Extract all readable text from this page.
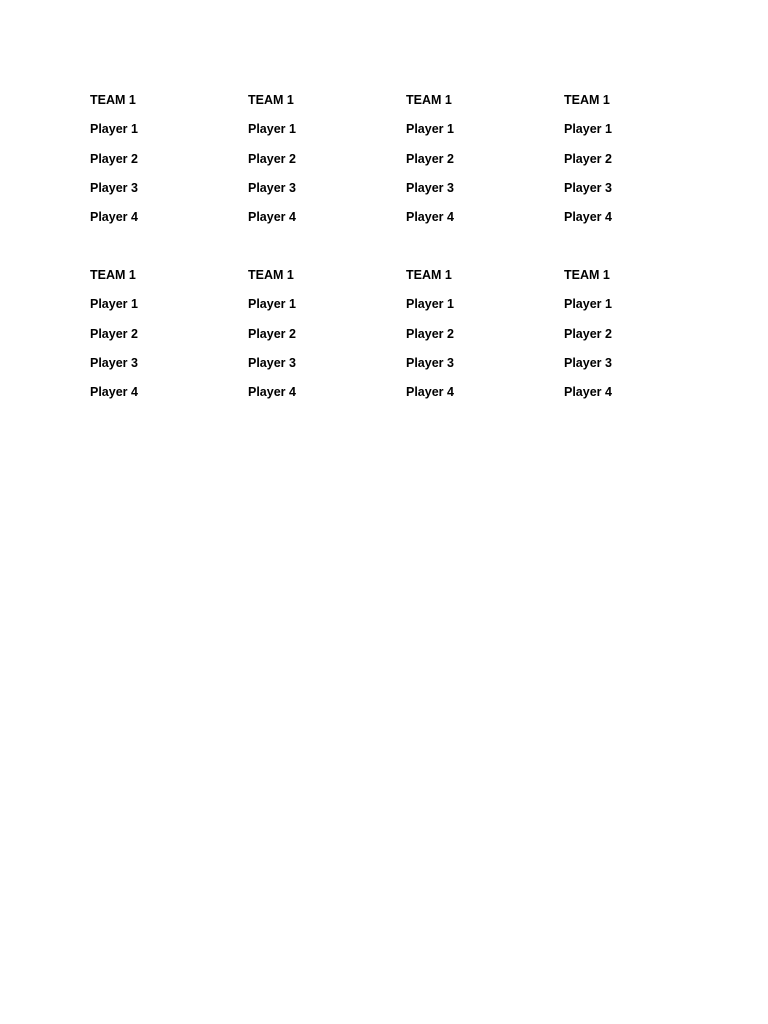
TEAM 1
Player 1
Player 2
Player 3
Player 4
TEAM 1
Player 1
Player 2
Player 3
Player 4
TEAM 1
Player 1
Player 2
Player 3
Player 4
TEAM 1
Player 1
Player 2
Player 3
Player 4
TEAM 1
Player 1
Player 2
Player 3
Player 4
TEAM 1
Player 1
Player 2
Player 3
Player 4
TEAM 1
Player 1
Player 2
Player 3
Player 4
TEAM 1
Player 1
Player 2
Player 3
Player 4
